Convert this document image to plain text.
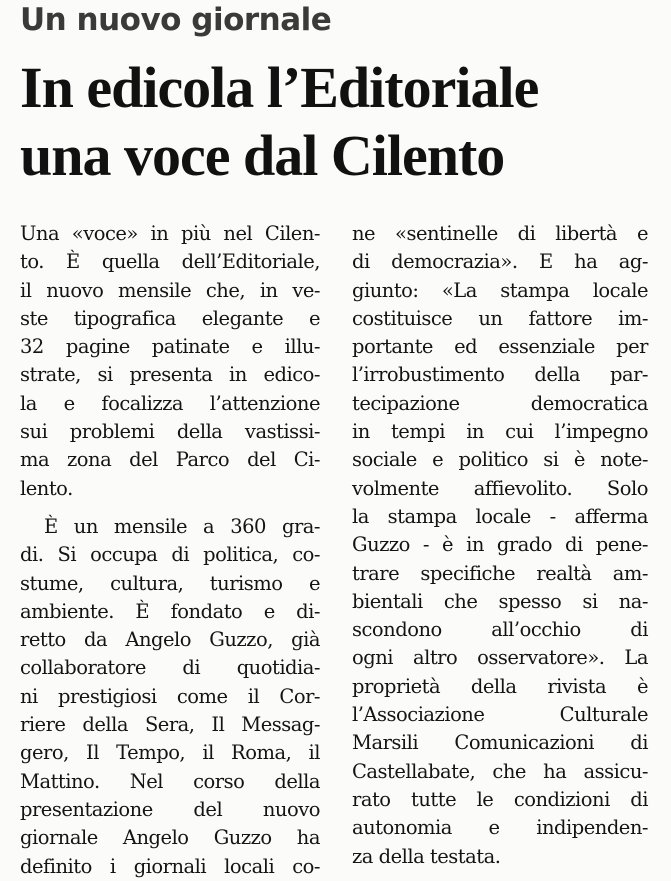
Un nuovo giornale
In edicola l’Editoriale
una voce dal Cilento
Una «voce» in più nel Cilen-
to. È quella dell’Editoriale,
il nuovo mensile che, in ve-
ste tipografica elegante e
32 pagine patinate e illu-
strate, si presenta in edico-
la e focalizza l’attenzione
sui problemi della vastissi-
ma zona del Parco del Ci-
lento.
È un mensile a 360 gra-
di. Si occupa di politica, co-
stume, cultura, turismo e
ambiente. È fondato e di-
retto da Angelo Guzzo, già
collaboratore di quotidia-
ni prestigiosi come il Cor-
riere della Sera, Il Messag-
gero, Il Tempo, il Roma, il
Mattino. Nel corso della
presentazione del nuovo
giornale Angelo Guzzo ha
definito i giornali locali co-
ne «sentinelle di libertà e
di democrazia». E ha ag-
giunto: «La stampa locale
costituisce un fattore im-
portante ed essenziale per
l’irrobustimento della par-
tecipazione democratica
in tempi in cui l’impegno
sociale e politico si è note-
volmente affievolito. Solo
la stampa locale - afferma
Guzzo - è in grado di pene-
trare specifiche realtà am-
bientali che spesso si na-
scondono all’occhio di
ogni altro osservatore». La
proprietà della rivista è
l’Associazione Culturale
Marsili Comunicazioni di
Castellabate, che ha assicu-
rato tutte le condizioni di
autonomia e indipenden-
za della testata.
